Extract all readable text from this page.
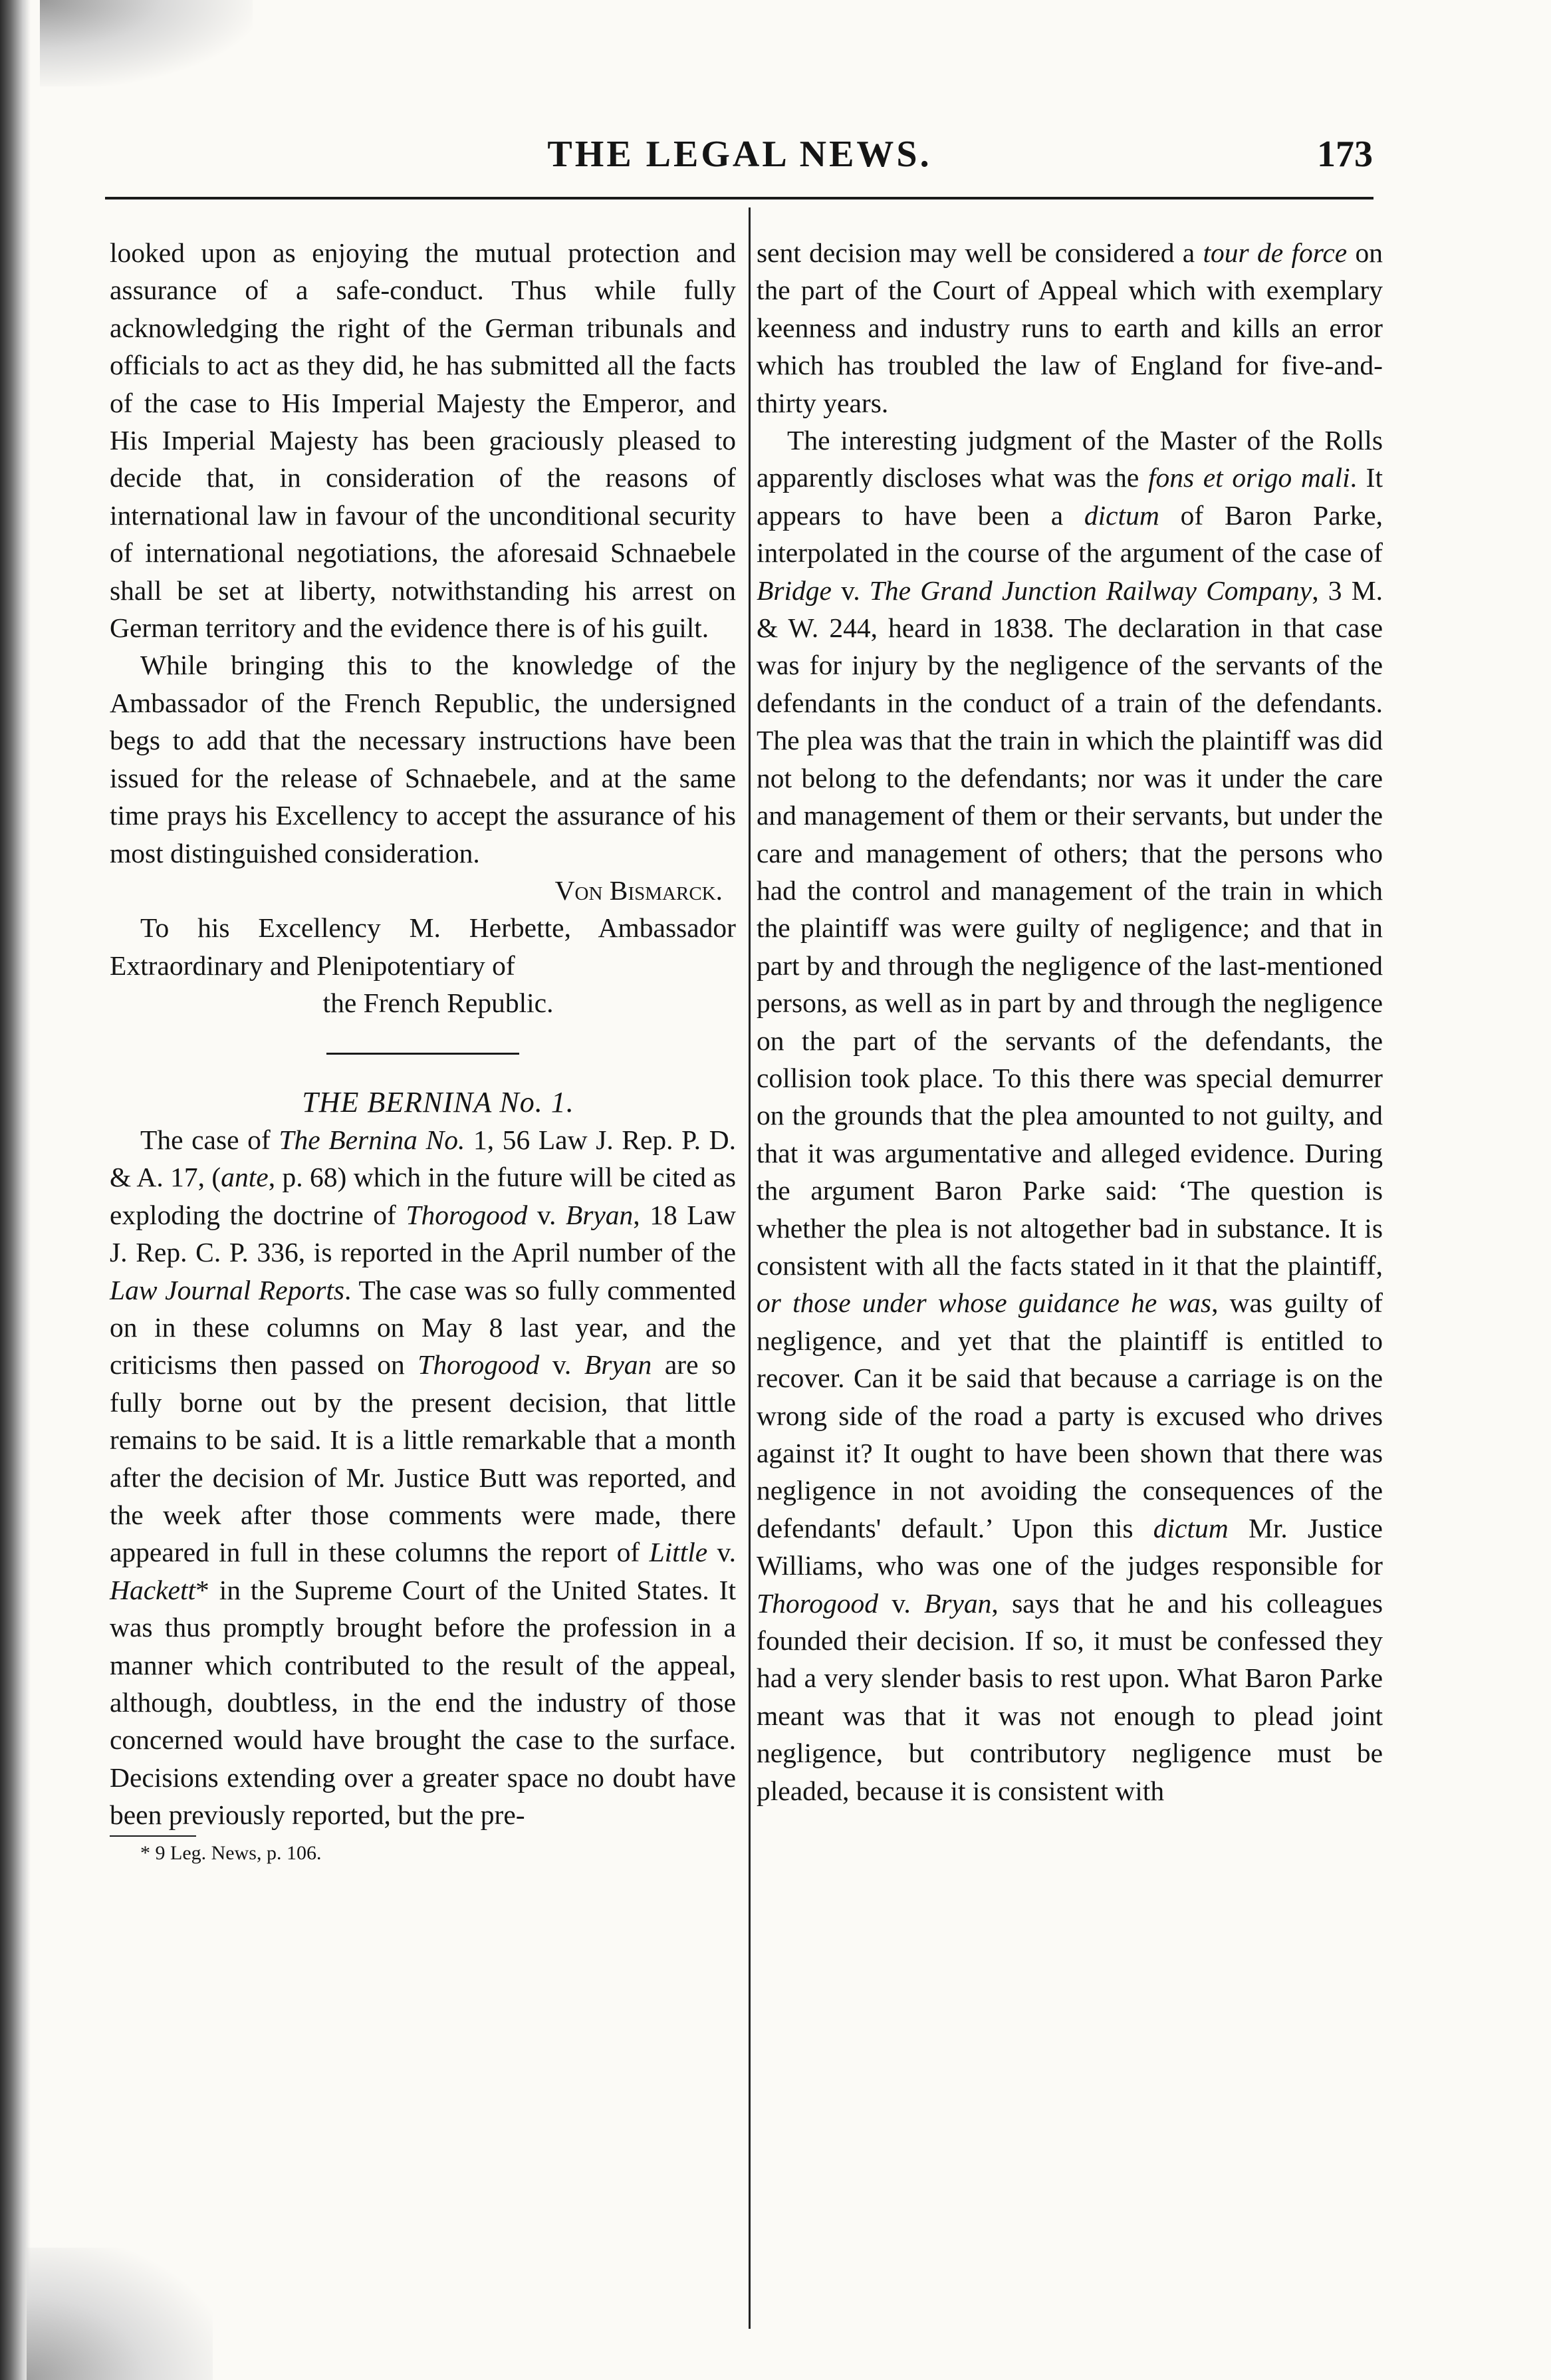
THE LEGAL NEWS.	173

looked upon as enjoying the mutual protection and assurance of a safe-conduct. Thus while fully acknowledging the right of the German tribunals and officials to act as they did, he has submitted all the facts of the case to His Imperial Majesty the Emperor, and His Imperial Majesty has been graciously pleased to decide that, in consideration of the reasons of international law in favour of the unconditional security of international negotiations, the aforesaid Schnaebele shall be set at liberty, notwithstanding his arrest on German territory and the evidence there is of his guilt.

While bringing this to the knowledge of the Ambassador of the French Republic, the undersigned begs to add that the necessary instructions have been issued for the release of Schnaebele, and at the same time prays his Excellency to accept the assurance of his most distinguished consideration.

Von Bismarck.

To his Excellency M. Herbette, Ambassador Extraordinary and Plenipotentiary of

the French Republic.

THE BERNINA No. 1.

The case of The Bernina No. 1, 56 Law J. Rep. P. D. & A. 17, (ante, p. 68) which in the future will be cited as exploding the doctrine of Thorogood v. Bryan, 18 Law J. Rep. C. P. 336, is reported in the April number of the Law Journal Reports. The case was so fully commented on in these columns on May 8 last year, and the criticisms then passed on Thorogood v. Bryan are so fully borne out by the present decision, that little remains to be said. It is a little remarkable that a month after the decision of Mr. Justice Butt was reported, and the week after those comments were made, there appeared in full in these columns the report of Little v. Hackett* in the Supreme Court of the United States. It was thus promptly brought before the profession in a manner which contributed to the result of the appeal, although, doubtless, in the end the industry of those concerned would have brought the case to the surface. Decisions extending over a greater space no doubt have been previously reported, but the pre-

* 9 Leg. News, p. 106.

sent decision may well be considered a tour de force on the part of the Court of Appeal which with exemplary keenness and industry runs to earth and kills an error which has troubled the law of England for five-and-thirty years.

The interesting judgment of the Master of the Rolls apparently discloses what was the fons et origo mali. It appears to have been a dictum of Baron Parke, interpolated in the course of the argument of the case of Bridge v. The Grand Junction Railway Company, 3 M. & W. 244, heard in 1838. The declaration in that case was for injury by the negligence of the servants of the defendants in the conduct of a train of the defendants. The plea was that the train in which the plaintiff was did not belong to the defendants; nor was it under the care and management of them or their servants, but under the care and management of others; that the persons who had the control and management of the train in which the plaintiff was were guilty of negligence; and that in part by and through the negligence of the last-mentioned persons, as well as in part by and through the negligence on the part of the servants of the defendants, the collision took place. To this there was special demurrer on the grounds that the plea amounted to not guilty, and that it was argumentative and alleged evidence. During the argument Baron Parke said: ‘The question is whether the plea is not altogether bad in substance. It is consistent with all the facts stated in it that the plaintiff, or those under whose guidance he was, was guilty of negligence, and yet that the plaintiff is entitled to recover. Can it be said that because a carriage is on the wrong side of the road a party is excused who drives against it? It ought to have been shown that there was negligence in not avoiding the consequences of the defendants' default.’ Upon this dictum Mr. Justice Williams, who was one of the judges responsible for Thorogood v. Bryan, says that he and his colleagues founded their decision. If so, it must be confessed they had a very slender basis to rest upon. What Baron Parke meant was that it was not enough to plead joint negligence, but contributory negligence must be pleaded, because it is consistent with
